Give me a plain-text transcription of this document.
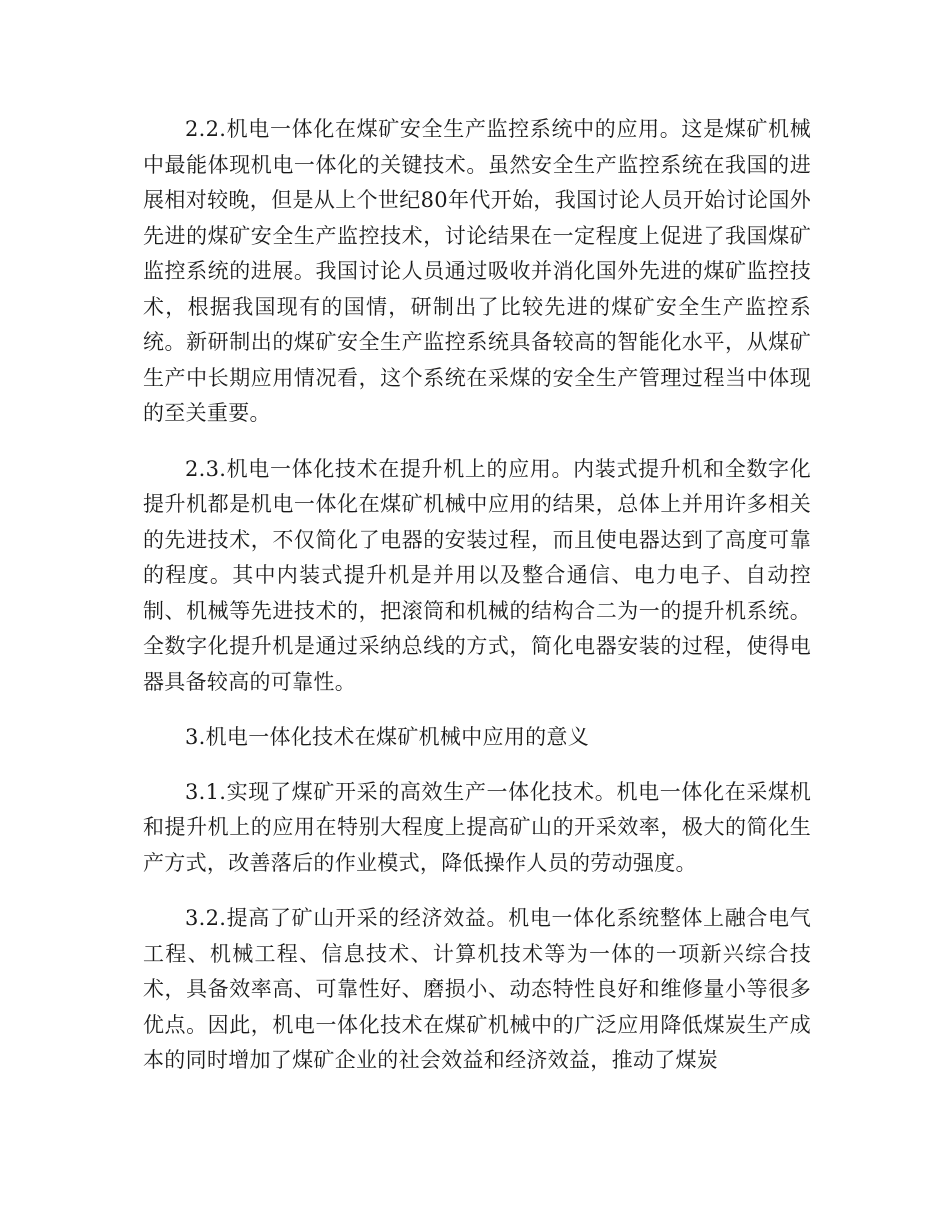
2.2.机电一体化在煤矿安全生产监控系统中的应用。这是煤矿机械中最能体现机电一体化的关键技术。虽然安全生产监控系统在我国的进展相对较晚，但是从上个世纪80年代开始，我国讨论人员开始讨论国外先进的煤矿安全生产监控技术，讨论结果在一定程度上促进了我国煤矿监控系统的进展。我国讨论人员通过吸收并消化国外先进的煤矿监控技术，根据我国现有的国情，研制出了比较先进的煤矿安全生产监控系统。新研制出的煤矿安全生产监控系统具备较高的智能化水平，从煤矿生产中长期应用情况看，这个系统在采煤的安全生产管理过程当中体现的至关重要。

2.3.机电一体化技术在提升机上的应用。内装式提升机和全数字化提升机都是机电一体化在煤矿机械中应用的结果，总体上并用许多相关的先进技术，不仅简化了电器的安装过程，而且使电器达到了高度可靠的程度。其中内装式提升机是并用以及整合通信、电力电子、自动控制、机械等先进技术的，把滚筒和机械的结构合二为一的提升机系统。全数字化提升机是通过采纳总线的方式，简化电器安装的过程，使得电器具备较高的可靠性。

3.机电一体化技术在煤矿机械中应用的意义

3.1.实现了煤矿开采的高效生产一体化技术。机电一体化在采煤机和提升机上的应用在特别大程度上提高矿山的开采效率，极大的简化生产方式，改善落后的作业模式，降低操作人员的劳动强度。

3.2.提高了矿山开采的经济效益。机电一体化系统整体上融合电气工程、机械工程、信息技术、计算机技术等为一体的一项新兴综合技术，具备效率高、可靠性好、磨损小、动态特性良好和维修量小等很多优点。因此，机电一体化技术在煤矿机械中的广泛应用降低煤炭生产成本的同时增加了煤矿企业的社会效益和经济效益，推动了煤炭
